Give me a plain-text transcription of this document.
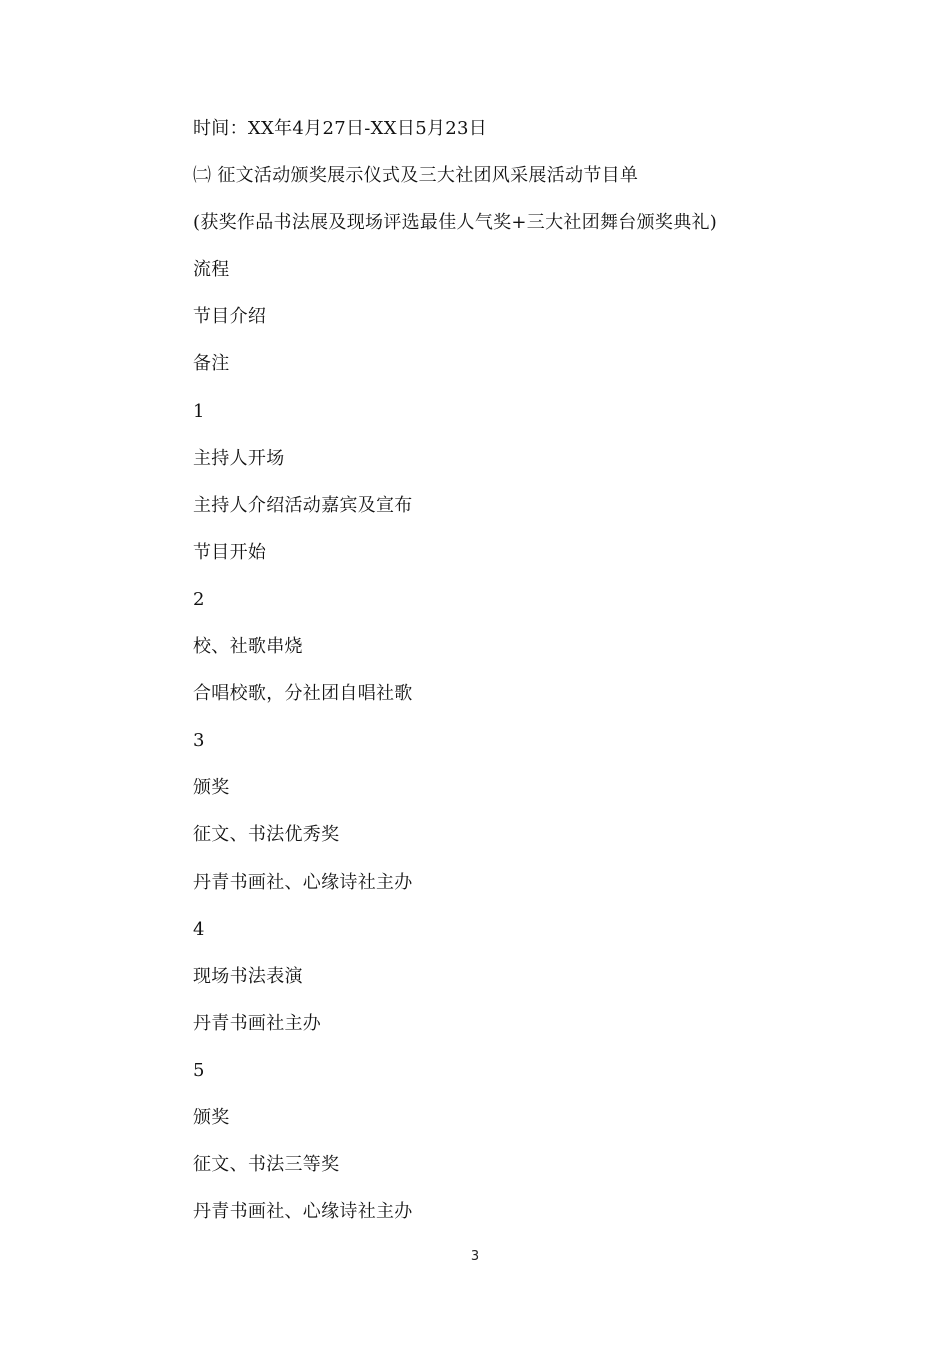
时间：XX年4月27日-XX日5月23日
㈡ 征文活动颁奖展示仪式及三大社团风采展活动节目单
(获奖作品书法展及现场评选最佳人气奖+三大社团舞台颁奖典礼)
流程
节目介绍
备注
1
主持人开场
主持人介绍活动嘉宾及宣布
节目开始
2
校、社歌串烧
合唱校歌，分社团自唱社歌
3
颁奖
征文、书法优秀奖
丹青书画社、心缘诗社主办
4
现场书法表演
丹青书画社主办
5
颁奖
征文、书法三等奖
丹青书画社、心缘诗社主办
3
